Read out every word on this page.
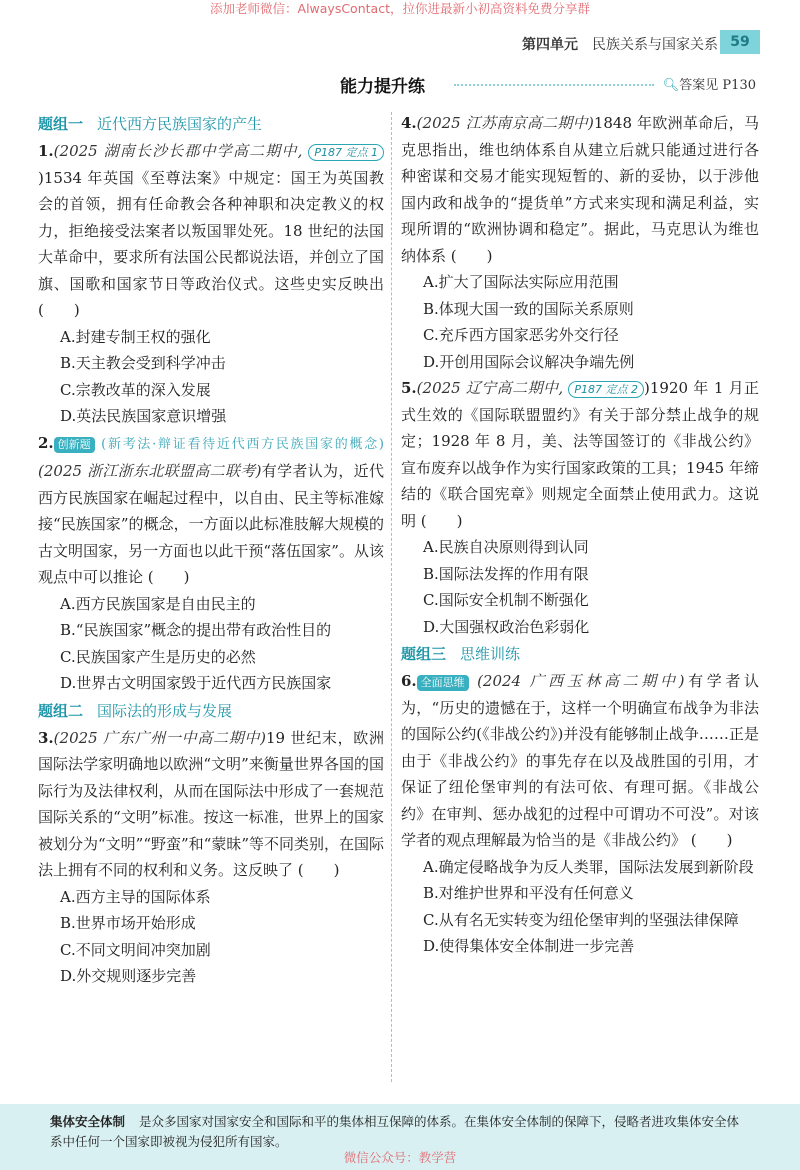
添加老师微信：AlwaysContact，拉你进最新小初高资料免费分享群
第四单元　 民族关系与国家关系 59
能力提升练	🔍︎答案见 P130

题组一 近代西方民族国家的产生

1.(2025 湖南长沙长郡中学高二期中, P187 定点 1)1534 年英国《至尊法案》中规定：国王为英国教会的首领，拥有任命教会各种神职和决定教义的权力，拒绝接受法案者以叛国罪处死。18 世纪的法国大革命中，要求所有法国公民都说法语，并创立了国旗、国歌和国家节日等政治仪式。这些史实反映出 (　　)

A.封建专制王权的强化

B.天主教会受到科学冲击

C.宗教改革的深入发展

D.英法民族国家意识增强

2. 创新题 (新考法·辩证看待近代西方民族国家的概念)(2025 浙江浙东北联盟高二联考)有学者认为，近代西方民族国家在崛起过程中，以自由、民主等标准嫁接“民族国家”的概念，一方面以此标准肢解大规模的古文明国家，另一方面也以此干预“落伍国家”。从该观点中可以推论 (　　)

A.西方民族国家是自由民主的

B.“民族国家”概念的提出带有政治性目的

C.民族国家产生是历史的必然

D.世界古文明国家毁于近代西方民族国家

题组二 国际法的形成与发展

3.(2025 广东广州一中高二期中)19 世纪末，欧洲国际法学家明确地以欧洲“文明”来衡量世界各国的国际行为及法律权利，从而在国际法中形成了一套规范国际关系的“文明”标准。按这一标准，世界上的国家被划分为“文明”“野蛮”和“蒙昧”等不同类别，在国际法上拥有不同的权利和义务。这反映了 (　　)

A.西方主导的国际体系

B.世界市场开始形成

C.不同文明间冲突加剧

D.外交规则逐步完善

4.(2025 江苏南京高二期中)1848 年欧洲革命后，马克思指出，维也纳体系自从建立后就只能通过进行各种密谋和交易才能实现短暂的、新的妥协，以于涉他国内政和战争的“提货单”方式来实现和满足利益，实现所谓的“欧洲协调和稳定”。据此，马克思认为维也纳体系 (　　)

A.扩大了国际法实际应用范围

B.体现大国一致的国际关系原则

C.充斥西方国家恶劣外交行径

D.开创用国际会议解决争端先例

5.(2025 辽宁高二期中, P187 定点 2 )1920 年 1 月正式生效的《国际联盟盟约》有关于部分禁止战争的规定；1928 年 8 月，美、法等国签订的《非战公约》宣布废弃以战争作为实行国家政策的工具；1945 年缔结的《联合国宪章》则规定全面禁止使用武力。这说明 (　　)

A.民族自决原则得到认同

B.国际法发挥的作用有限

C.国际安全机制不断强化

D.大国强权政治色彩弱化

题组三 思维训练

6. 全面思维 (2024 广西玉林高二期中)有学者认为，“历史的遗憾在于，这样一个明确宣布战争为非法的国际公约(《非战公约》)并没有能够制止战争……正是由于《非战公约》的事先存在以及战胜国的引用，才保证了纽伦堡审判的有法可依、有理可据。《非战公约》在审判、惩办战犯的过程中可谓功不可没”。对该学者的观点理解最为恰当的是《非战公约》 (　　)

A.确定侵略战争为反人类罪，国际法发展到新阶段

B.对维护世界和平没有任何意义

C.从有名无实转变为纽伦堡审判的坚强法律保障

D.使得集体安全体制进一步完善

集体安全体制 是众多国家对国家安全和国际和平的集体相互保障的体系。在集体安全体制的保障下，侵略者进攻集体安全体系中任何一个国家即被视为侵犯所有国家。
微信公众号：教学营
